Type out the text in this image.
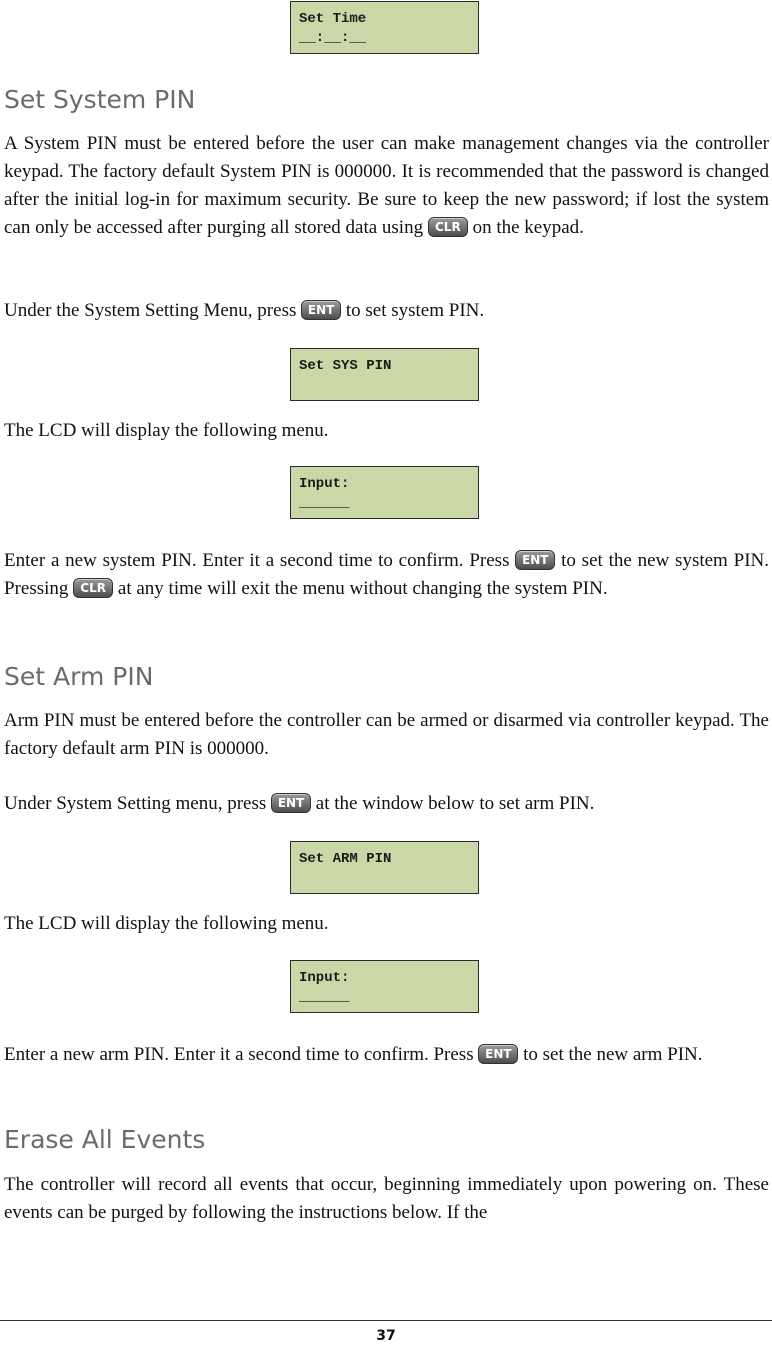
Set Time
__:__:__
Set System PIN

A System PIN must be entered before the user can make management changes via the controller keypad. The factory default System PIN is 000000. It is recommended that the password is changed after the initial log-in for maximum security. Be sure to keep the new password; if lost the system can only be accessed after purging all stored data using CLR on the keypad.

Under the System Setting Menu, press ENT to set system PIN.

Set SYS PIN

The LCD will display the following menu.

Input:
______

Enter a new system PIN. Enter it a second time to confirm. Press ENT to set the new system PIN. Pressing CLR at any time will exit the menu without changing the system PIN.

Set Arm PIN

Arm PIN must be entered before the controller can be armed or disarmed via controller keypad. The factory default arm PIN is 000000.

Under System Setting menu, press ENT at the window below to set arm PIN.

Set ARM PIN

The LCD will display the following menu.

Input:
______

Enter a new arm PIN. Enter it a second time to confirm. Press ENT to set the new arm PIN.

Erase All Events

The controller will record all events that occur, beginning immediately upon powering on. These events can be purged by following the instructions below. If the

37
